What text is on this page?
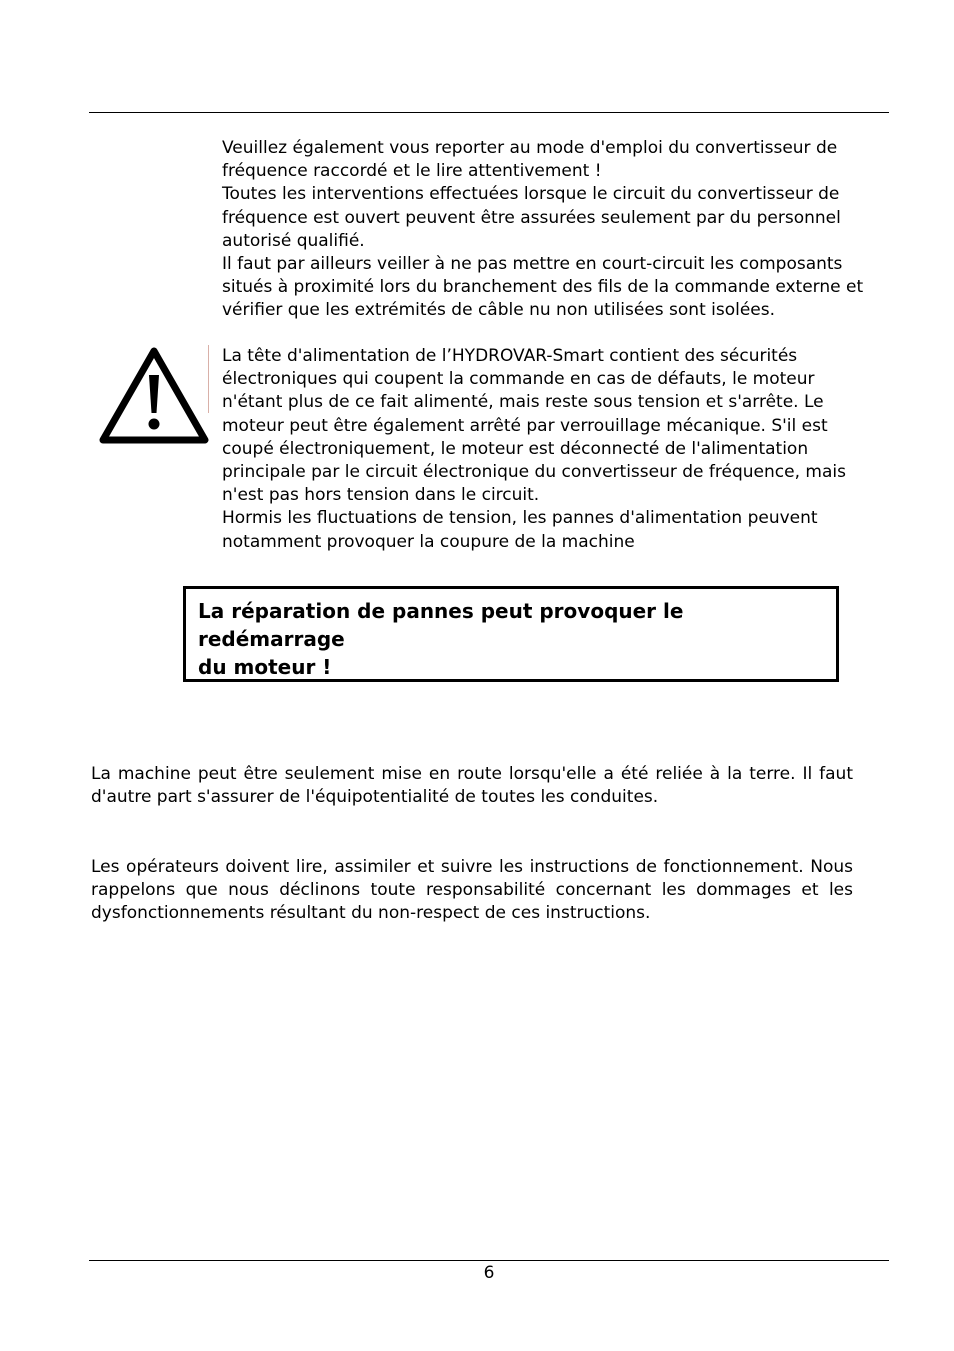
Veuillez également vous reporter au mode d'emploi du convertisseur de

fréquence raccordé et le lire attentivement !

Toutes les interventions effectuées lorsque le circuit du convertisseur de

fréquence est ouvert peuvent être assurées seulement par du personnel

autorisé qualifié.

Il faut par ailleurs veiller à ne pas mettre en court-circuit les composants

situés à proximité lors du branchement des fils de la commande externe et

vérifier que les extrémités de câble nu non utilisées sont isolées.

La tête d'alimentation de l’HYDROVAR-Smart contient des sécurités

électroniques qui coupent la commande en cas de défauts, le moteur

n'étant plus de ce fait alimenté, mais reste sous tension et s'arrête. Le

moteur peut être également arrêté par verrouillage mécanique. S'il est

coupé électroniquement, le moteur est déconnecté de l'alimentation

principale par le circuit électronique du convertisseur de fréquence, mais

n'est pas hors tension dans le circuit.

Hormis les fluctuations de tension, les pannes d'alimentation peuvent

notamment provoquer la coupure de la machine

La réparation de pannes peut provoquer le redémarrage

du moteur !

La machine peut être seulement mise en route lorsqu'elle a été reliée à la terre. Il faut d'autre part s'assurer de l'équipotentialité de toutes les conduites.

Les opérateurs doivent lire, assimiler et suivre les instructions de fonctionnement. Nous rappelons que nous déclinons toute responsabilité concernant les dommages et les dysfonctionnements résultant du non-respect de ces instructions.

6
